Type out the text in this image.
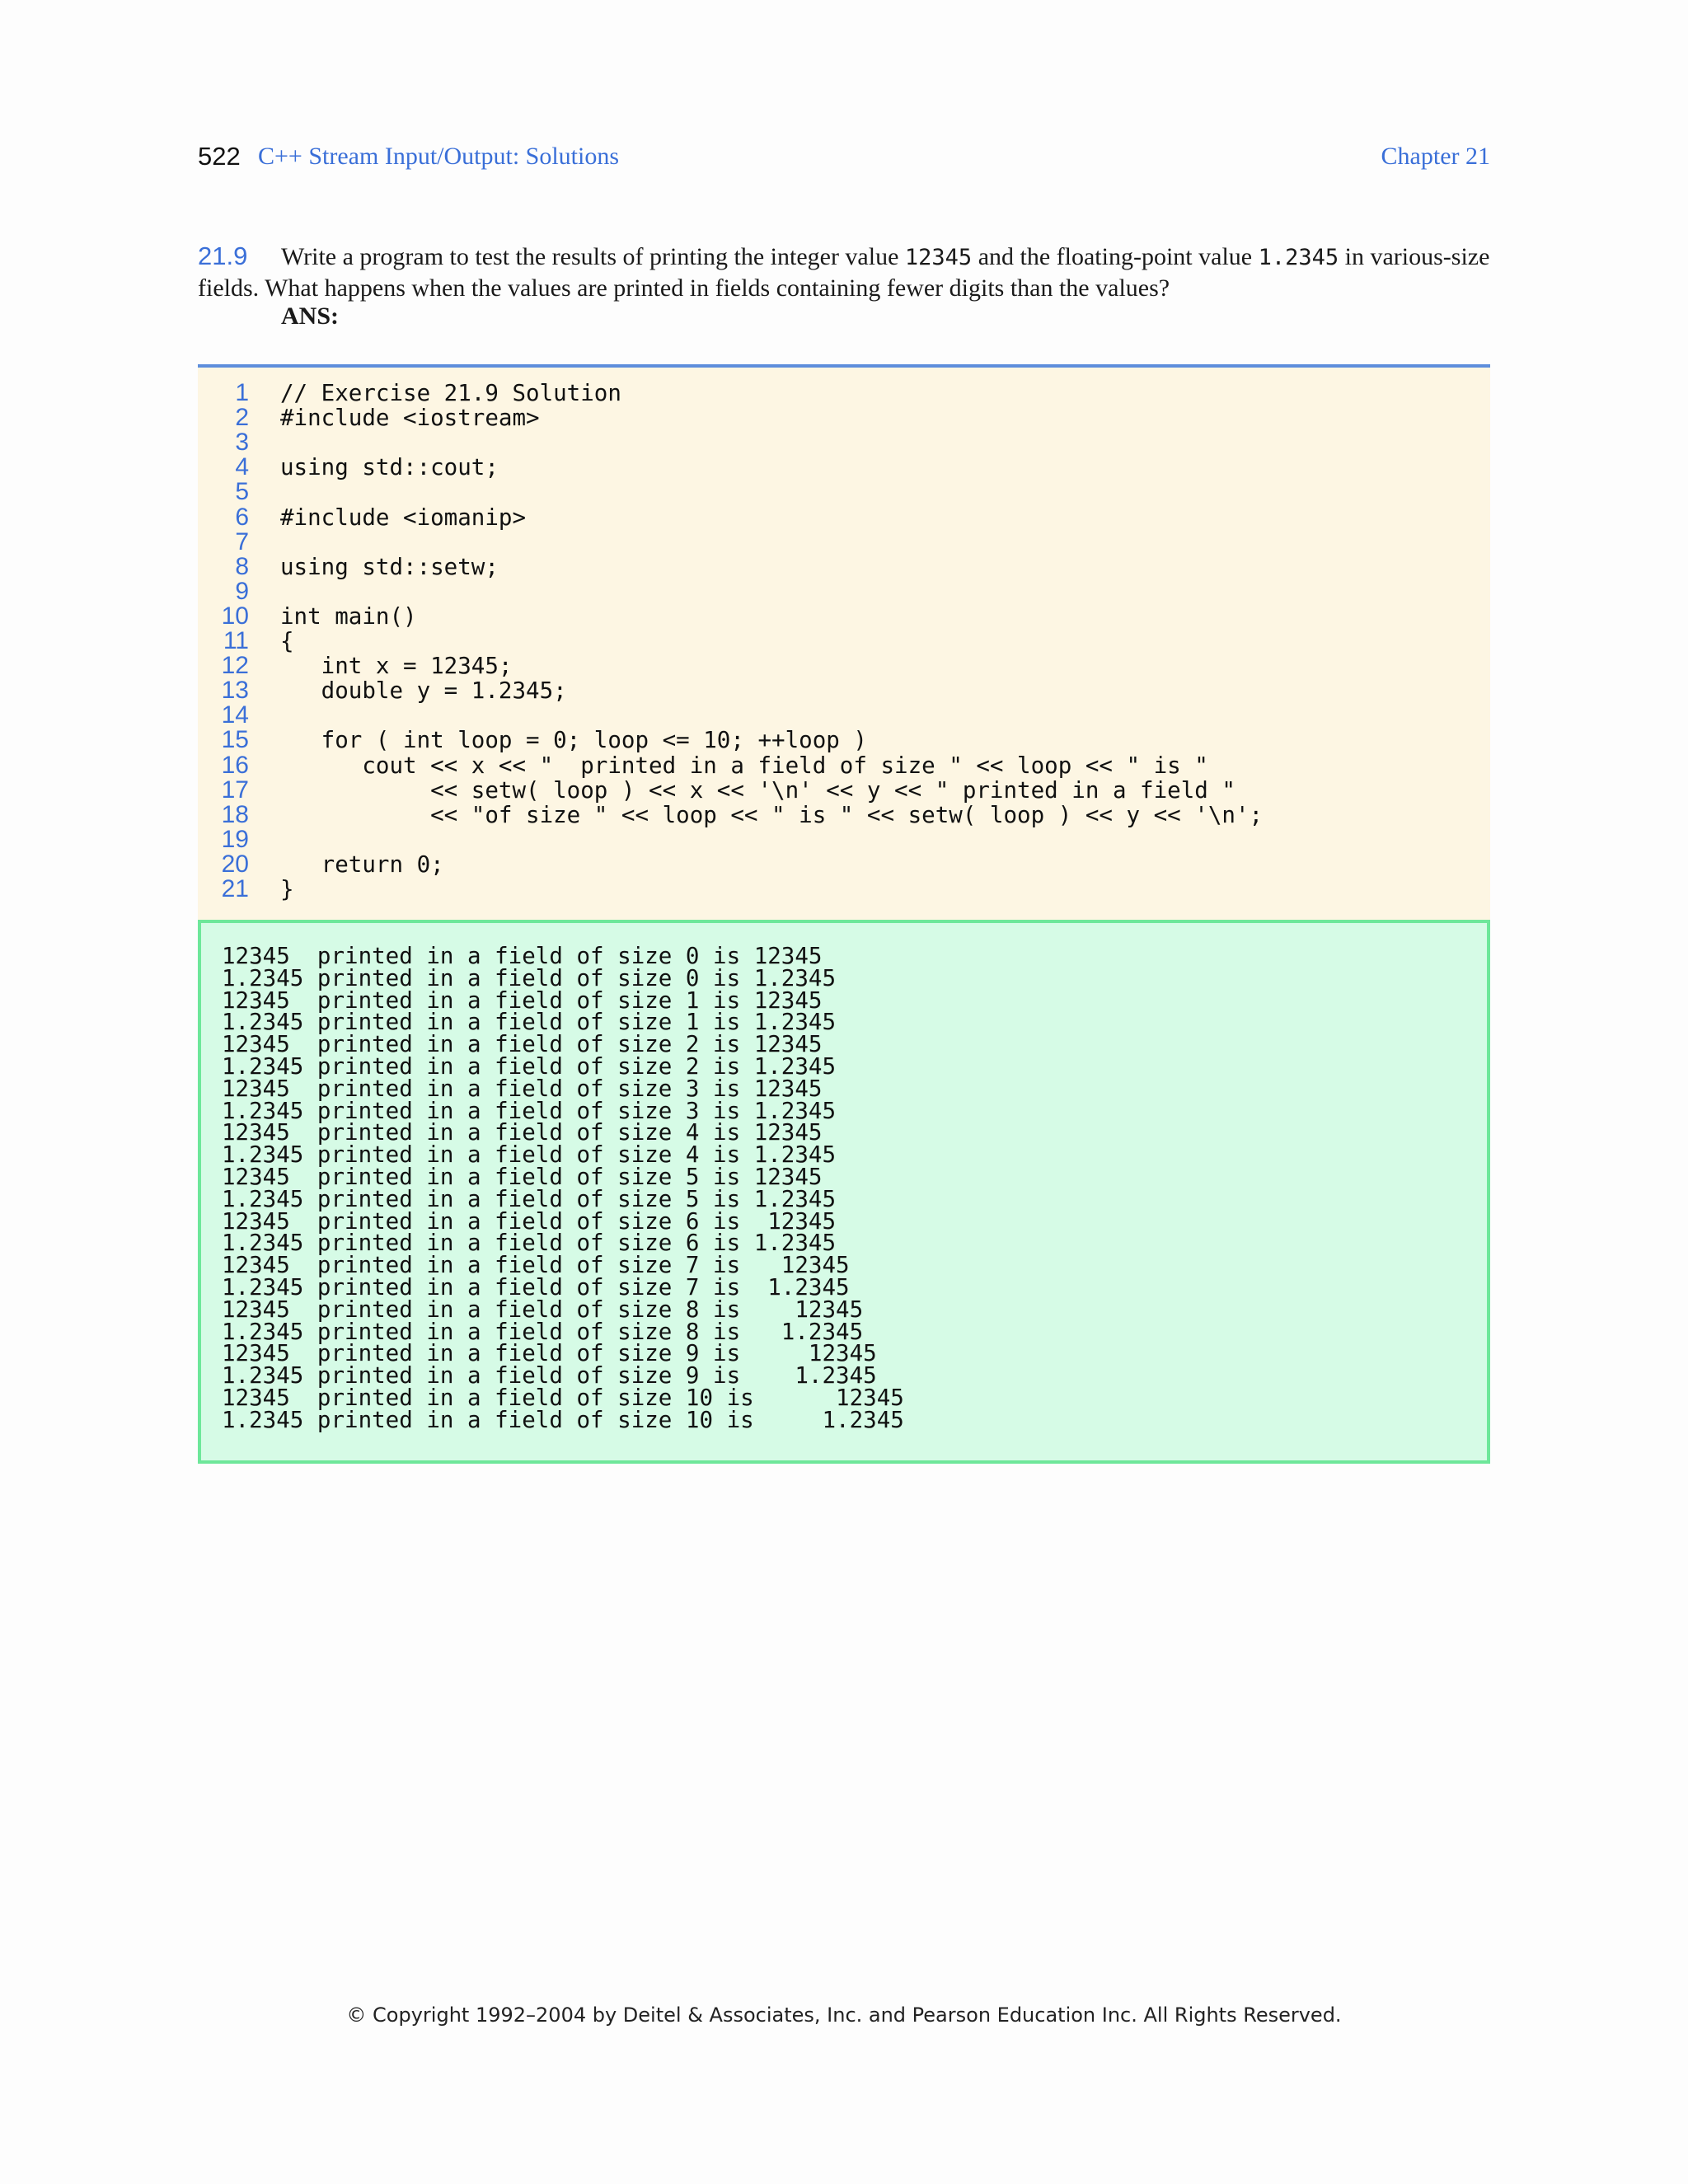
522 C++ Stream Input/Output: Solutions	Chapter 21
21.9 Write a program to test the results of printing the integer value 12345 and the floating-point value 1.2345 in various-size fields. What happens when the values are printed in fields containing fewer digits than the values?
ANS:
1 // Exercise 21.9 Solution
2 #include <iostream>
3
4 using std::cout;
5
6 #include <iomanip>
7
8 using std::setw;
9
10 int main()
11 {
12 int x = 12345;
13 double y = 1.2345;
14
15 for ( int loop = 0; loop <= 10; ++loop )
16 cout << x << "  printed in a field of size " << loop << " is "
17 << setw( loop ) << x << '\n' << y << " printed in a field "
18 << "of size " << loop << " is " << setw( loop ) << y << '\n';
19
20 return 0;
21 }
12345  printed in a field of size 0 is 12345
1.2345 printed in a field of size 0 is 1.2345
12345  printed in a field of size 1 is 12345
1.2345 printed in a field of size 1 is 1.2345
12345  printed in a field of size 2 is 12345
1.2345 printed in a field of size 2 is 1.2345
12345  printed in a field of size 3 is 12345
1.2345 printed in a field of size 3 is 1.2345
12345  printed in a field of size 4 is 12345
1.2345 printed in a field of size 4 is 1.2345
12345  printed in a field of size 5 is 12345
1.2345 printed in a field of size 5 is 1.2345
12345  printed in a field of size 6 is  12345
1.2345 printed in a field of size 6 is 1.2345
12345  printed in a field of size 7 is   12345
1.2345 printed in a field of size 7 is  1.2345
12345  printed in a field of size 8 is    12345
1.2345 printed in a field of size 8 is   1.2345
12345  printed in a field of size 9 is     12345
1.2345 printed in a field of size 9 is    1.2345
12345  printed in a field of size 10 is      12345
1.2345 printed in a field of size 10 is     1.2345
© Copyright 1992–2004 by Deitel & Associates, Inc. and Pearson Education Inc. All Rights Reserved.
